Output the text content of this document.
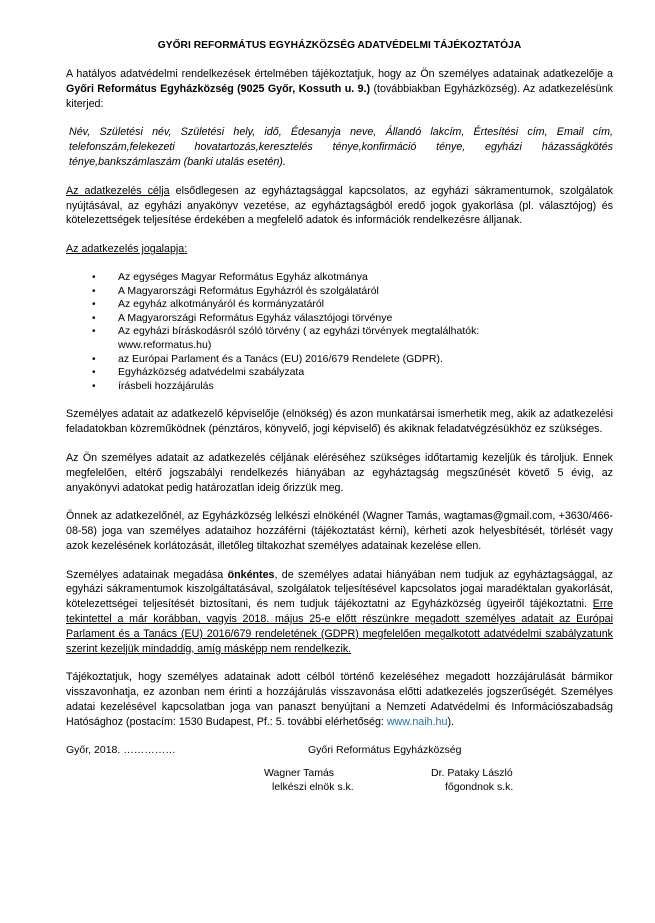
GYŐRI REFORMÁTUS EGYHÁZKÖZSÉG ADATVÉDELMI TÁJÉKOZTATÓJA

A hatályos adatvédelmi rendelkezések értelmében tájékoztatjuk, hogy az Ön személyes adatainak adatkezelője a Győri Református Egyházközség (9025 Győr, Kossuth u. 9.) (továbbiakban Egyházközség). Az adatkezelésünk kiterjed:

Név, Születési név, Születési hely, idő, Édesanyja neve, Állandó lakcím, Értesítési cím, Email cím, telefonszám,felekezeti hovatartozás,keresztelés ténye,konfirmáció ténye, egyházi házasságkötés ténye,bankszámlaszám (banki utalás esetén).

Az adatkezelés célja elsődlegesen az egyháztagsággal kapcsolatos, az egyházi sákramentumok, szolgálatok nyújtásával, az egyházi anyakönyv vezetése, az egyháztagságból eredő jogok gyakorlása (pl. választójog) és kötelezettségek teljesítése érdekében a megfelelő adatok és információk rendelkezésre álljanak.

Az adatkezelés jogalapja:

• Az egységes Magyar Református Egyház alkotmánya
• A Magyarországi Református Egyházról és szolgálatáról
• Az egyház alkotmányáról és kormányzatáról
• A Magyarországi Református Egyház választójogi törvénye
• Az egyházi bíráskodásról szóló törvény ( az egyházi törvények megtalálhatók:
www.reformatus.hu)
• az Európai Parlament és a Tanács (EU) 2016/679 Rendelete (GDPR).
• Egyházközség adatvédelmi szabályzata
• írásbeli hozzájárulás

Személyes adatait az adatkezelő képviselője (elnökség) és azon munkatársai ismerhetik meg, akik az adatkezelési feladatokban közreműködnek (pénztáros, könyvelő, jogi képviselő) és akiknak feladatvégzésükhöz ez szükséges.

Az Ön személyes adatait az adatkezelés céljának eléréséhez szükséges időtartamig kezeljük és tároljuk. Ennek megfelelően, eltérő jogszabályi rendelkezés hiányában az egyháztagság megszűnését követő 5 évig, az anyakönyvi adatokat pedig határozatlan ideig őrizzük meg.

Önnek az adatkezelőnél, az Egyházközség lelkészi elnökénél (Wagner Tamás, wagtamas@gmail.com, +3630/466-08-58) joga van személyes adataihoz hozzáférni (tájékoztatást kérni), kérheti azok helyesbítését, törlését vagy azok kezelésének korlátozását, illetőleg tiltakozhat személyes adatainak kezelése ellen.

Személyes adatainak megadása önkéntes, de személyes adatai hiányában nem tudjuk az egyháztagsággal, az egyházi sákramentumok kiszolgáltatásával, szolgálatok teljesítésével kapcsolatos jogai maradéktalan gyakorlását, kötelezettségei teljesítését biztosítani, és nem tudjuk tájékoztatni az Egyházközség ügyeiről tájékoztatni. Erre tekintettel a már korábban, vagyis 2018. május 25-e előtt részünkre megadott személyes adatait az Európai Parlament és a Tanács (EU) 2016/679 rendeletének (GDPR) megfelelően megalkotott adatvédelmi szabályzatunk szerint kezeljük mindaddig, amíg másképp nem rendelkezik.

Tájékoztatjuk, hogy személyes adatainak adott célból történő kezeléséhez megadott hozzájárulását bármikor visszavonhatja, ez azonban nem érinti a hozzájárulás visszavonása előtti adatkezelés jogszerűségét. Személyes adatai kezelésével kapcsolatban joga van panaszt benyújtani a Nemzeti Adatvédelmi és Információszabadság Hatósághoz (postacím: 1530 Budapest, Pf.: 5. további elérhetőség: www.naih.hu).

Győr, 2018. ……………	Győri Református Egyházközség
Wagner Tamás	Dr. Pataky László
lelkészi elnök s.k.	főgondnok s.k.
